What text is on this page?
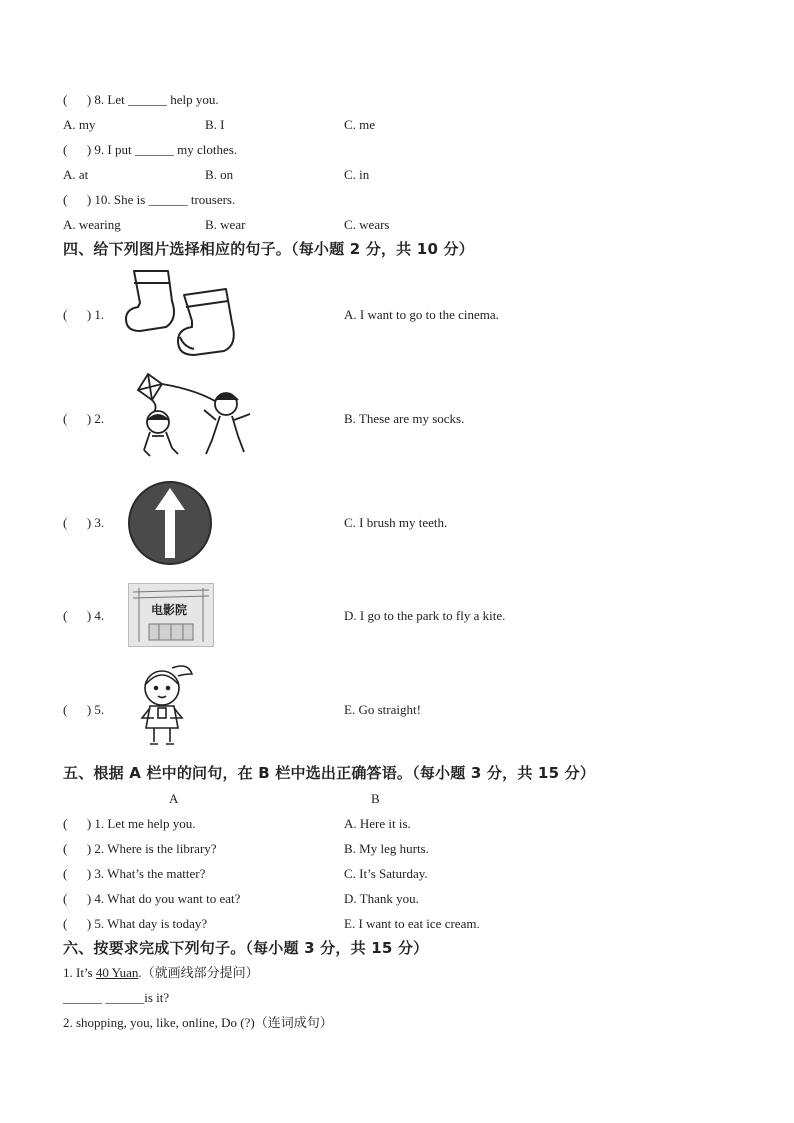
(      ) 8. Let ______ help you.
A. my	B. I	C. me
(      ) 9. I put ______ my clothes.
A. at	B. on	C. in
(      ) 10. She is ______ trousers.
A. wearing	B. wear	C. wears
四、给下列图片选择相应的句子。（每小题 2 分，共 10 分）
(      ) 1.	A. I want to go to the cinema.
(      ) 2.	B. These are my socks.
(      ) 3.	C. I brush my teeth.
(      ) 4.	D. I go to the park to fly a kite.
电影院
(      ) 5.	E. Go straight!
五、根据 A 栏中的问句，在 B 栏中选出正确答语。（每小题 3 分，共 15 分）
A	B
(      ) 1. Let me help you.	A. Here it is.
(      ) 2. Where is the library?	B. My leg hurts.
(      ) 3. What’s the matter?	C. It’s Saturday.
(      ) 4. What do you want to eat?	D. Thank you.
(      ) 5. What day is today?	E. I want to eat ice cream.
六、按要求完成下列句子。（每小题 3 分，共 15 分）
1. It’s 40 Yuan.（就画线部分提问）
______ ______is it?
2. shopping, you, like, online, Do (?)（连词成句）
